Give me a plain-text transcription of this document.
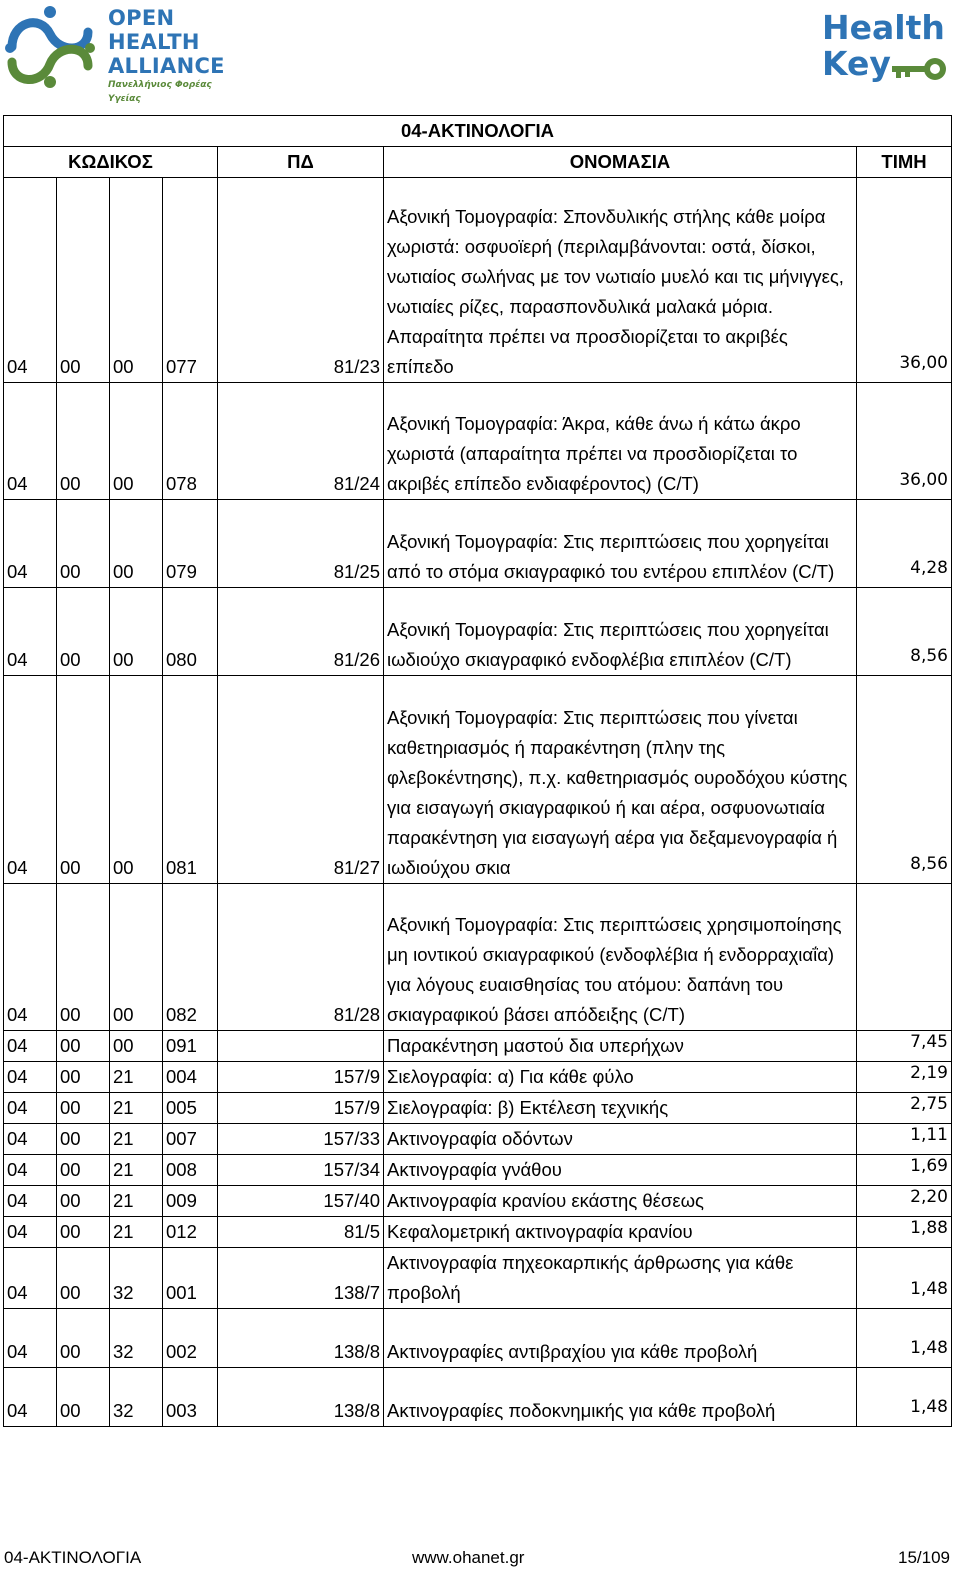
OPEN
HEALTH
ALLIANCE
Πανελλήνιος Φορέας Υγείας
Health
Key
04-ΑΚΤΙΝΟΛΟΓΙΑ						
ΚΩΔΙΚΟΣ				ΠΔ	ΟΝΟΜΑΣΙΑ	ΤΙΜΗ
04	00	00	077	81/23	Αξονική Τομογραφία: Σπονδυλικής στήλης κάθε μοίρα χωριστά: οσφυοϊερή (περιλαμβάνονται: οστά, δίσκοι, νωτιαίος σωλήνας με τον νωτιαίο μυελό και τις μήνιγγες, νωτιαίες ρίζες, παρασπονδυλικά μαλακά μόρια. Απαραίτητα πρέπει να προσδιορίζεται το ακριβές επίπεδο	36,00
04	00	00	078	81/24	Αξονική Τομογραφία: Άκρα, κάθε άνω ή κάτω άκρο χωριστά (απαραίτητα πρέπει να προσδιορίζεται το ακριβές επίπεδο ενδιαφέροντος) (C/T)	36,00
04	00	00	079	81/25	Αξονική Τομογραφία: Στις περιπτώσεις που χορηγείται από το στόμα σκιαγραφικό του εντέρου επιπλέον (C/T)	4,28
04	00	00	080	81/26	Αξονική Τομογραφία: Στις περιπτώσεις που χορηγείται ιωδιούχο σκιαγραφικό ενδοφλέβια επιπλέον (C/T)	8,56
04	00	00	081	81/27	Αξονική Τομογραφία: Στις περιπτώσεις που γίνεται καθετηριασμός ή παρακέντηση (πλην της φλεβοκέντησης), π.χ. καθετηριασμός ουροδόχου κύστης για εισαγωγή σκιαγραφικού ή και αέρα, οσφυονωτιαία παρακέντηση για εισαγωγή αέρα για δεξαμενογραφία ή ιωδιούχου σκια	8,56
04	00	00	082	81/28	Αξονική Τομογραφία: Στις περιπτώσεις χρησιμοποίησης μη ιοντικού σκιαγραφικού (ενδοφλέβια ή ενδορραχιαΐα) για λόγους ευαισθησίας του ατόμου: δαπάνη του σκιαγραφικού βάσει απόδειξης (C/T)	
04	00	00	091		Παρακέντηση μαστού δια υπερήχων	7,45
04	00	21	004	157/9	Σιελογραφία: α) Για κάθε φύλο	2,19
04	00	21	005	157/9	Σιελογραφία: β) Εκτέλεση τεχνικής	2,75
04	00	21	007	157/33	Ακτινογραφία οδόντων	1,11
04	00	21	008	157/34	Ακτινογραφία γνάθου	1,69
04	00	21	009	157/40	Ακτινογραφία κρανίου εκάστης θέσεως	2,20
04	00	21	012	81/5	Κεφαλομετρική ακτινογραφία κρανίου	1,88
04	00	32	001	138/7	Ακτινογραφία πηχεοκαρπικής άρθρωσης για κάθε προβολή	1,48
04	00	32	002	138/8	Ακτινογραφίες αντιβραχίου για κάθε προβολή	1,48
04	00	32	003	138/8	Ακτινογραφίες ποδοκνημικής για κάθε προβολή	1,48
04-ΑΚΤΙΝΟΛΟΓΙΑ	www.ohanet.gr	15/109
